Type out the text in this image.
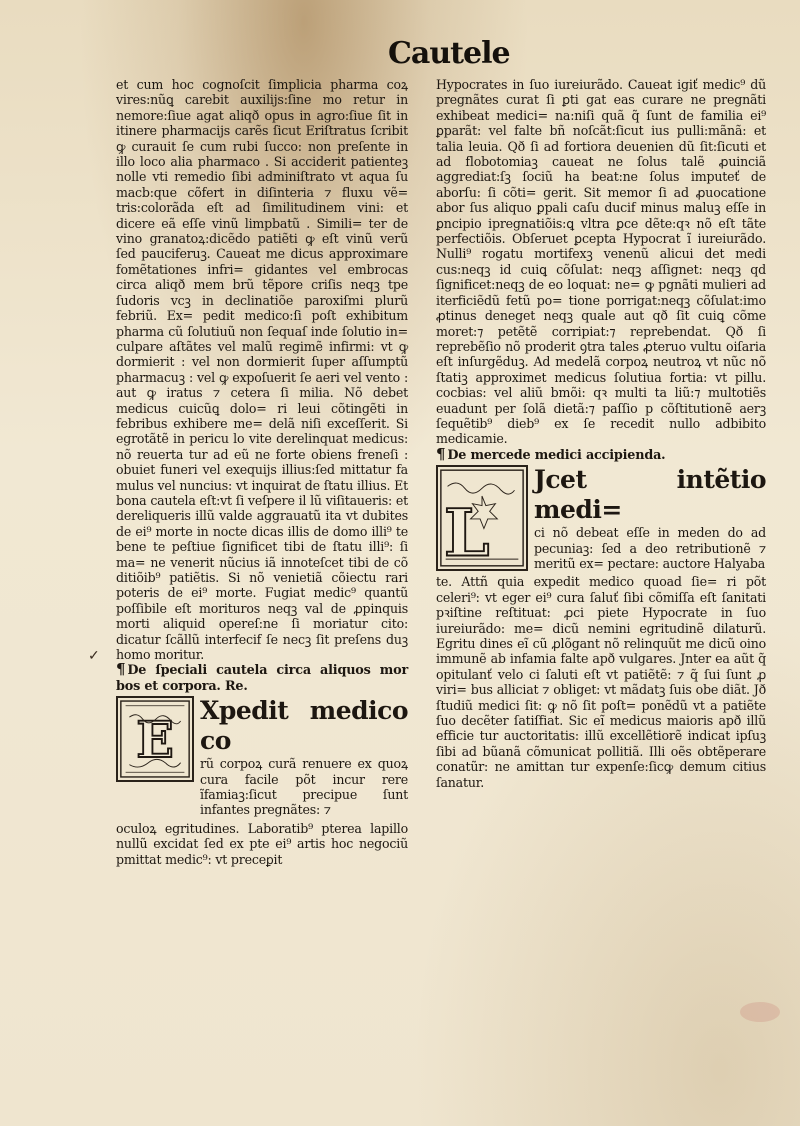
Cautele

et cum hoc cognoſcit ſimplicia pharma coꝝ vires:nũꝗ carebit auxilijs:ſine mo retur in nemore:ſiue agat aliqð opus in agro:ſiue ſit in itinere pharmacijs carẽs ſicut Eriſtratus ſcribit ꝙ curauit ſe cum rubi ſucco: non preſente in illo loco alia pharmaco . Si acciderit patienteꝫ nolle vti remedio ſibi adminiſtrato vt aqua ſu macb:que cõfert in diſinteria ⁊ fluxu vẽ= tris:colorãda eſt ad ſimilitudinem vini: et dicere eã eſſe vinũ limpbatũ . Simili= ter de vino granatoꝝ:dicẽdo patiẽti ꝙ eſt vinũ verũ ſed pauciferuꝫ. Caueat me dicus approximare fomẽtationes infri= gidantes vel embrocas circa aliqð mem brũ tẽpore criſis neqꝫ tpe ſudoris vcꝫ in declinatiõe paroxiſmi plurũ febriũ. Ex= pedit medico:ſi poſt exhibitum pharma cũ ſolutiuũ non ſequaſ inde ſolutio in= culpare aſtãtes vel malũ regimẽ infirmi: vt ꝙ dormierit : vel non dormierit ſuper aſſumptũ pharmacuꝫ : vel ꝙ expoſuerit ſe aeri vel vento : aut ꝙ iratus ⁊ cetera ſi milia. Nõ debet medicus cuicũꝗ dolo= ri leui cõtingẽti in febribus exhibere me= delã niſi exceſſerit. Si egrotãtẽ in pericu lo vite derelinquat medicus: nõ reuerta tur ad eũ ne forte obiens freneſi : obuiet funeri vel exequijs illius:ſed mittatur fa mulus vel nuncius: vt inquirat de ſtatu illius. Et bona cautela eſt:vt ſi veſpere il lũ viſitaueris: et dereliqueris illũ valde aggrauatũ ita vt dubites de ei⁹ morte in nocte dicas illis de domo illi⁹ te bene te peſtiue ſignificet tibi de ſtatu illi⁹: ſi ma= ne venerit nũcius iã innoteſcet tibi de cõ ditiõib⁹ patiẽtis. Si nõ venietiã cõiectu rari poteris de ei⁹ morte. Fugiat medic⁹ quantũ poſſibile eſt morituros neqꝫ val de ꝓpinquis morti aliquid opereſ:ne ſi moriatur cito: dicatur ſcãllũ interfecif ſe necꝫ ſit preſens duꝫ homo moritur.

¶ De ſpeciali cautela circa aliquos mor bos et corpora. Re.

E
Xpedit medico co
rũ corpoꝝ curã renuere ex quoꝝ cura facile põt incur rere ĩfamiaꝫ:ſicut precipue ſunt infantes pregnãtes: ⁊

oculoꝝ egritudines. Laboratib⁹ pterea lapillo nullũ excidat ſed ex pte ei⁹ artis hoc negociũ pmittat medic⁹: vt preceꝑit

Hypocrates in ſuo iureiurãdo. Caueat igiť medic⁹ dũ pregnãtes curat ſi ꝑti gat eas curare ne pregnãti exhibeat medici= na:niſi quã q̃ ſunt de familia ei⁹ ꝑparãt: vel falte bñ noſcãt:ſicut ius pulli:mãnã: et talia leuia. Qð ſi ad fortiora deuenien dũ ſit:ſicuti et ad flobotomiaꝫ caueat ne ſolus talẽ ꝓuinciã aggrediat:ſꝫ ſociũ ha beat:ne ſolus imputeť de aborſu: ſi cõti= gerit. Sit memor ſi ad ꝓuocatione abor ſus aliquo ꝑpali caſu ducif minus maluꝫ eſſe in ꝑncipio ipregnatiõis:ꝗ vltra ꝑce dẽte:qꝛ nõ eſt tãte perfectiõis. Obſeruet ꝑcepta Hypocrat ĩ iureiurãdo. Nulli⁹ rogatu mortifexꝫ venenũ alicui det medi cus:neqꝫ id cuiꝗ cõſulat: neqꝫ aſſignet: neqꝫ qd ſignificet:neqꝫ de eo loquat: ne= ꝙ pgnãti mulieri ad iterficiẽdũ fetũ po= tione porrigat:neqꝫ cõſulat:imo ꝓtinus deneget neqꝫ quale aut qð ſit cuiꝗ cõme moret:⁊ petẽtẽ corripiat:⁊ reprebendat. Qð ſi reprebẽſio nõ proderit ꝯtra tales ꝓteruo vultu oiſaria eſt inſurgẽduꝫ. Ad medelã corpoꝝ neutroꝝ vt nũc nõ ſtatiꝫ approximet medicus ſolutiua fortia: vt pillu. cocbias: vel aliũ bmõi: qꝛ multi ta liũ:⁊ multotiẽs euadunt per ſolã dietã:⁊ paſſio p cõſtitutionẽ aerꝫ ſequẽtib⁹ dieb⁹ ex ſe recedit nullo adbibito medicamie.

¶ De mercede medici accipienda.

L
Jcet intẽtio medi=
ci nõ debeat eſſe in meden do ad pecuniaꝫ: ſed a deo retributionẽ ⁊ meritũ ex= pectare: auctore Halyaba

te. Attñ quia expedit medico quoad ſie= ri põt celeri⁹: vt eger ei⁹ cura ſaluť ſibi cõmiſſa eſt ſanitati pꝛiſtine reſtituat: ꝓci piete Hypocrate in ſuo iureiurãdo: me= dicũ nemini egritudinẽ dilaturũ. Egritu dines eĩ cũ ꝓlõgant nõ relinquũt me dicũ oino immunẽ ab infamia falte apð vulgares. Jnter ea aũt q̃ opitulanť velo ci ſaluti eſt vt patiẽtẽ: ⁊ q̃ ſui ſunt ꝓ viri= bus alliciat ⁊ obliget: vt mãdatꝫ ſuis obe diãt. Jð ſtudiũ medici ſit: ꝙ nõ ſit poſt= ponẽdũ vt a patiẽte ſuo decẽter ſatiſfiat. Sic eĩ medicus maioris apð illũ efficie tur auctoritatis: illũ excellẽtiorẽ indicat ipſuꝫ ſibi ad bũanã cõmunicat pollitiã. Illi oẽs obtẽperare conatũr: ne amittan tur expenſe:ſicꝙ demum citius ſanatur.

✓
